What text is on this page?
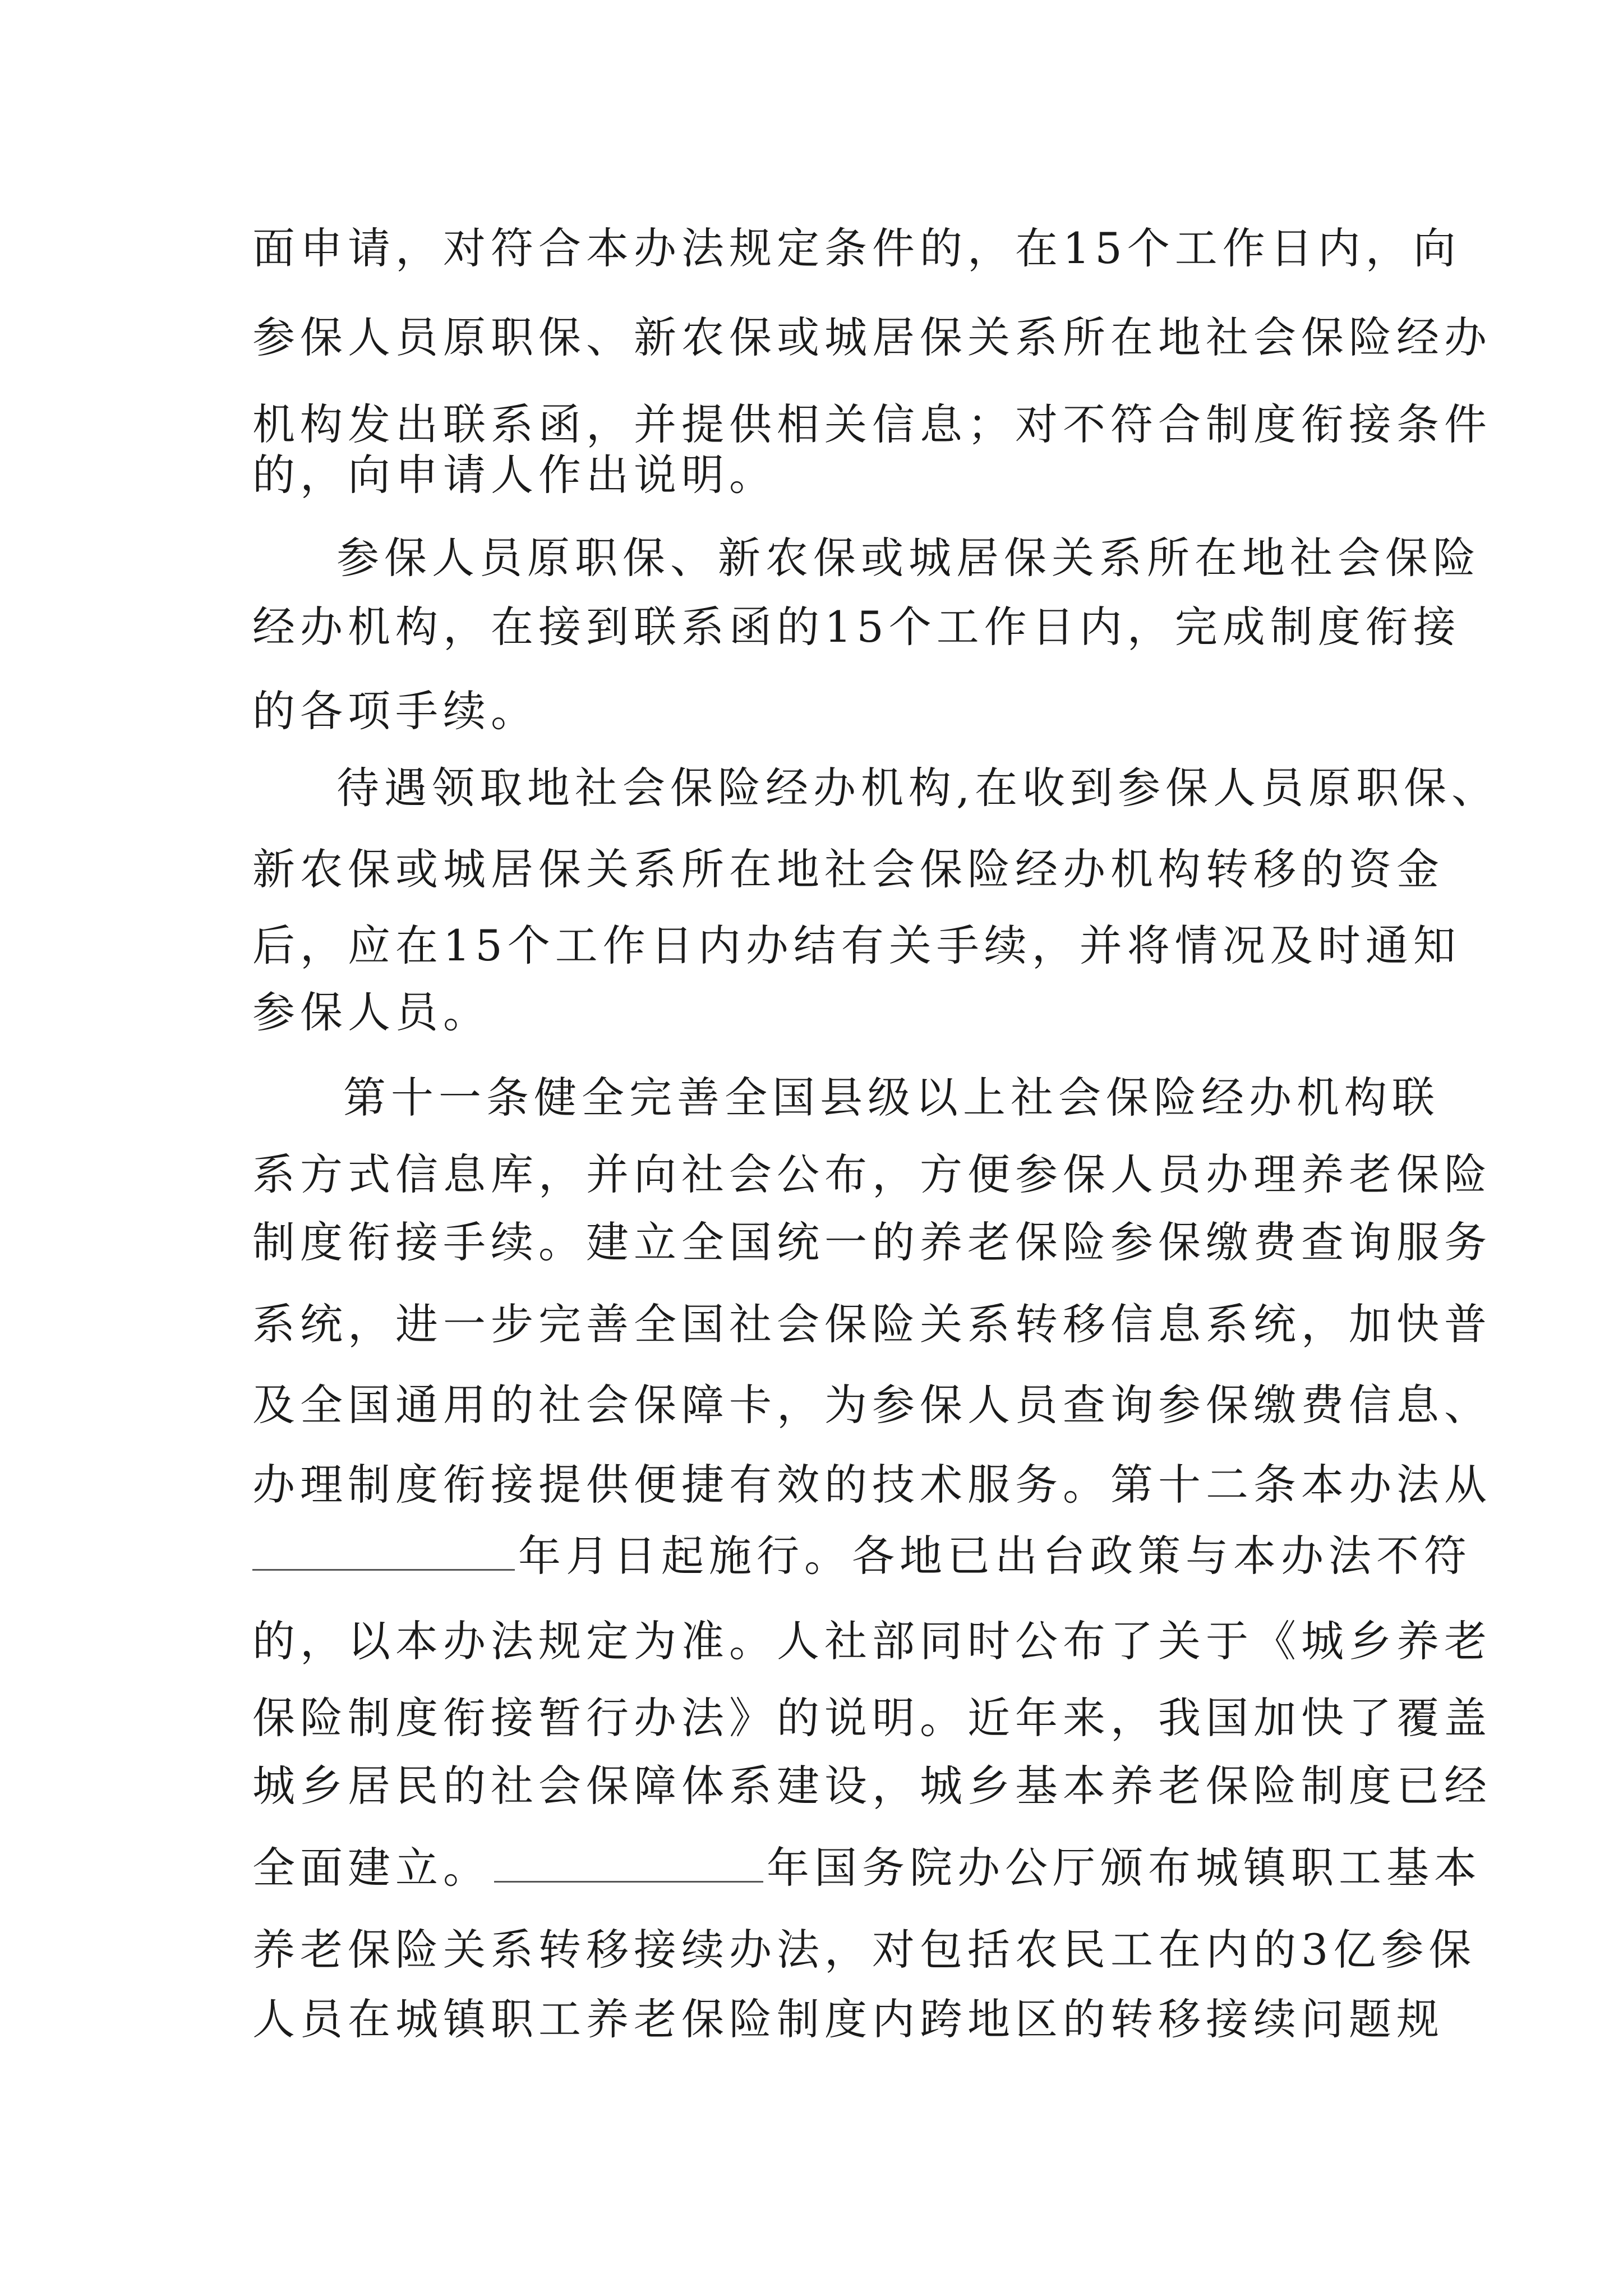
面申请，对符合本办法规定条件的，在15个工作日内，向
参保人员原职保、新农保或城居保关系所在地社会保险经办
机构发出联系函，并提供相关信息；对不符合制度衔接条件
的，向申请人作出说明。
参保人员原职保、新农保或城居保关系所在地社会保险
经办机构，在接到联系函的15个工作日内，完成制度衔接
的各项手续。
待遇领取地社会保险经办机构,在收到参保人员原职保、
新农保或城居保关系所在地社会保险经办机构转移的资金
后，应在15个工作日内办结有关手续，并将情况及时通知
参保人员。
第十一条健全完善全国县级以上社会保险经办机构联
系方式信息库，并向社会公布，方便参保人员办理养老保险
制度衔接手续。建立全国统一的养老保险参保缴费查询服务
系统，进一步完善全国社会保险关系转移信息系统，加快普
及全国通用的社会保障卡，为参保人员查询参保缴费信息、
办理制度衔接提供便捷有效的技术服务。第十二条本办法从
年月日起施行。各地已出台政策与本办法不符
的，以本办法规定为准。人社部同时公布了关于《城乡养老
保险制度衔接暂行办法》的说明。近年来，我国加快了覆盖
城乡居民的社会保障体系建设，城乡基本养老保险制度已经
全面建立。	年国务院办公厅颁布城镇职工基本
养老保险关系转移接续办法，对包括农民工在内的3亿参保
人员在城镇职工养老保险制度内跨地区的转移接续问题规
